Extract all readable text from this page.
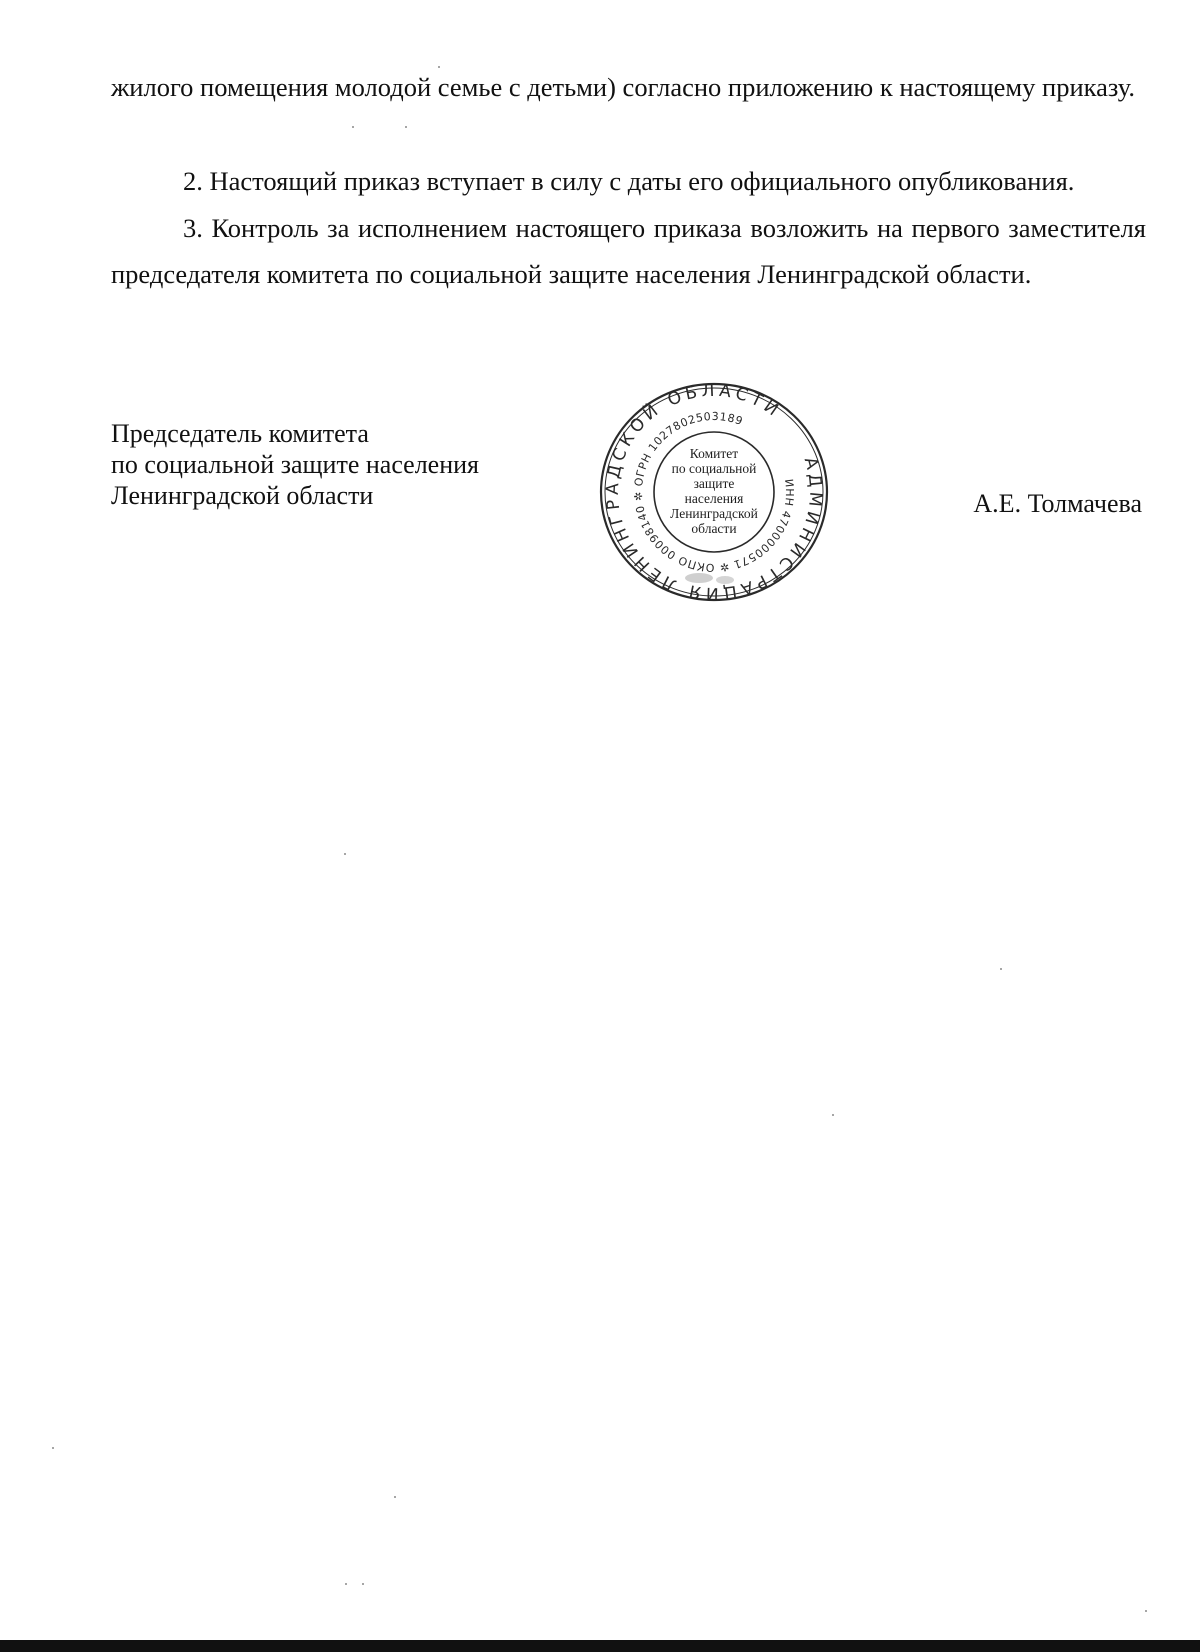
жилого помещения молодой семье с детьми) согласно приложению к настоящему приказу.

2. Настоящий приказ вступает в силу с даты его официального опубликования.

3. Контроль за исполнением настоящего приказа возложить на первого заместителя председателя комитета по социальной защите населения Ленинградской области.

Председатель комитета
по социальной защите населения
Ленинградской области
АДМИНИСТРАЦИЯ ЛЕНИНГРАДСКОЙ ОБЛАСТИ
ИНН 4700000571 ✲ ОКПО 00098140 ✲ ОГРН 1027802503189
Комитет
по социальной
защите
населения
Ленинградской
области
А.Е. Толмачева
